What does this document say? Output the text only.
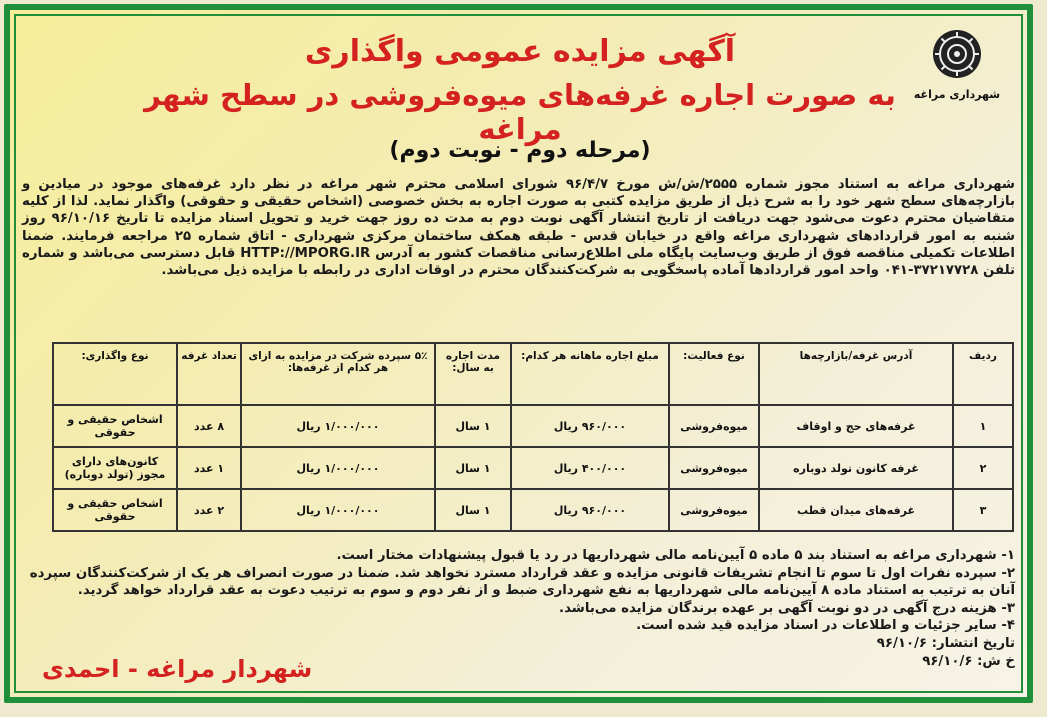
شهرداری مراغه
آگهی مزایده عمومی واگذاری
به صورت اجاره غرفه‌های میوه‌فروشی در سطح شهر مراغه
(مرحله دوم - نوبت دوم)
شهرداری مراغه به استناد مجوز شماره ۲۵۵۵/ش/ش مورخ ۹۶/۴/۷ شورای اسلامی محترم شهر مراغه در نظر دارد غرفه‌های موجود در میادین و بازارچه‌های سطح شهر خود را به شرح ذیل از طریق مزایده کتبی به صورت اجاره به بخش خصوصی (اشخاص حقیقی و حقوقی) واگذار نماید. لذا از کلیه متقاضیان محترم دعوت می‌شود جهت دریافت از تاریخ انتشار آگهی نوبت دوم به مدت ده روز جهت خرید و تحویل اسناد مزایده تا تاریخ ۹۶/۱۰/۱۶ روز شنبه به امور قراردادهای شهرداری مراغه واقع در خیابان قدس - طبقه همکف ساختمان مرکزی شهرداری - اتاق شماره ۲۵ مراجعه فرمایند. ضمنا اطلاعات تکمیلی مناقصه فوق از طریق وب‌سایت پایگاه ملی اطلاع‌رسانی مناقصات کشور به آدرس HTTP://MPORG.IR قابل دسترسی می‌باشد و شماره تلفن ۳۷۲۱۷۷۲۸-۰۴۱ واحد امور قراردادها آماده پاسخگویی به شرکت‌کنندگان محترم در اوقات اداری در رابطه با مزایده ذیل می‌باشد.
ردیف	آدرس غرفه/بازارچه‌ها	نوع فعالیت:	مبلغ اجاره ماهانه هر کدام:	مدت اجاره به سال:	۵٪ سپرده شرکت در مزایده به ازای هر کدام از غرفه‌ها:	تعداد غرفه	نوع واگذاری:
۱	غرفه‌های حج و اوقاف	میوه‌فروشی	۹۶۰/۰۰۰ ریال	۱ سال	۱/۰۰۰/۰۰۰ ریال	۸ عدد	اشخاص حقیقی و حقوقی
۲	غرفه کانون تولد دوباره	میوه‌فروشی	۴۰۰/۰۰۰ ریال	۱ سال	۱/۰۰۰/۰۰۰ ریال	۱ عدد	کانون‌های دارای مجوز (تولد دوباره)
۳	غرفه‌های میدان قطب	میوه‌فروشی	۹۶۰/۰۰۰ ریال	۱ سال	۱/۰۰۰/۰۰۰ ریال	۲ عدد	اشخاص حقیقی و حقوقی

۱- شهرداری مراغه به استناد بند ۵ ماده ۵ آیین‌نامه مالی شهرداریها در رد یا قبول پیشنهادات مختار است.

۲- سپرده نفرات اول تا سوم تا انجام تشریفات قانونی مزایده و عقد قرارداد مسترد نخواهد شد. ضمنا در صورت انصراف هر یک از شرکت‌کنندگان سپرده آنان به ترتیب به استناد ماده ۸ آیین‌نامه مالی شهرداریها به نفع شهرداری ضبط و از نفر دوم و سوم به ترتیب دعوت به عقد قرارداد خواهد گردید.

۳- هزینه درج آگهی در دو نوبت آگهی بر عهده برندگان مزایده می‌باشد.

۴- سایر جزئیات و اطلاعات در اسناد مزایده قید شده است.

تاریخ انتشار: ۹۶/۱۰/۶

خ ش: ۹۶/۱۰/۶

شهردار مراغه - احمدی
